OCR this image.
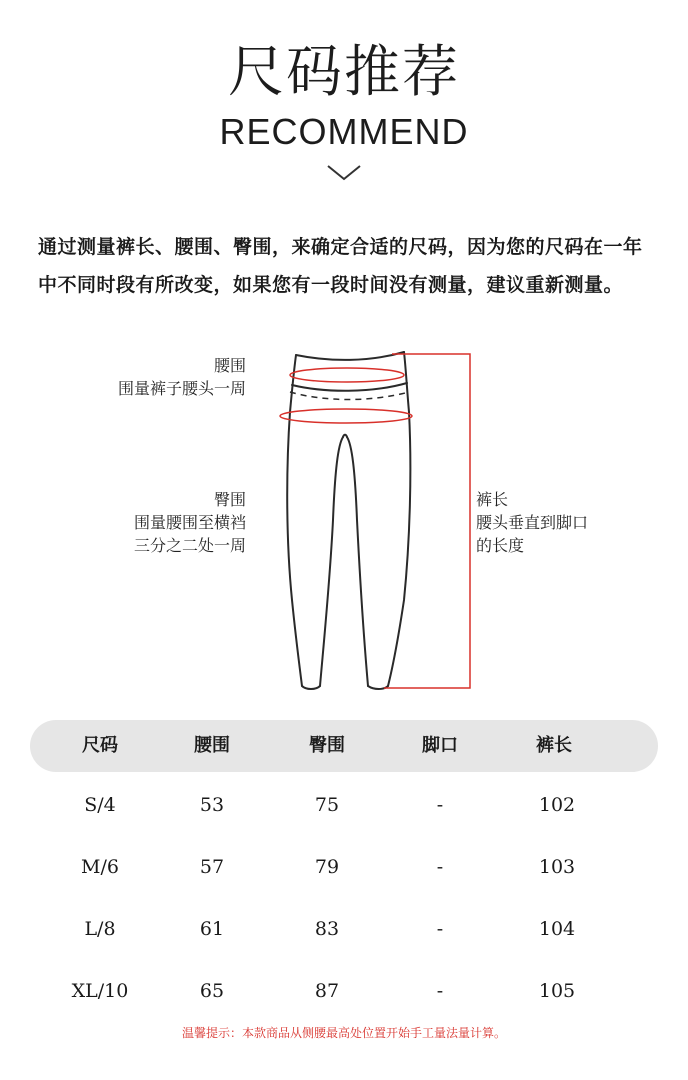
尺码推荐
RECOMMEND
通过测量裤长、腰围、臀围，来确定合适的尺码，因为您的尺码在一年中不同时段有所改变，如果您有一段时间没有测量，建议重新测量。
腰围
围量裤子腰头一周
臀围
围量腰围至横裆
三分之二处一周
裤长
腰头垂直到脚口
的长度
尺码	腰围	臀围	脚口	裤长
S/4	53	75	-	102
M/6	57	79	-	103
L/8	61	83	-	104
XL/10	65	87	-	105
温馨提示：本款商品从侧腰最高处位置开始手工量法量计算。
